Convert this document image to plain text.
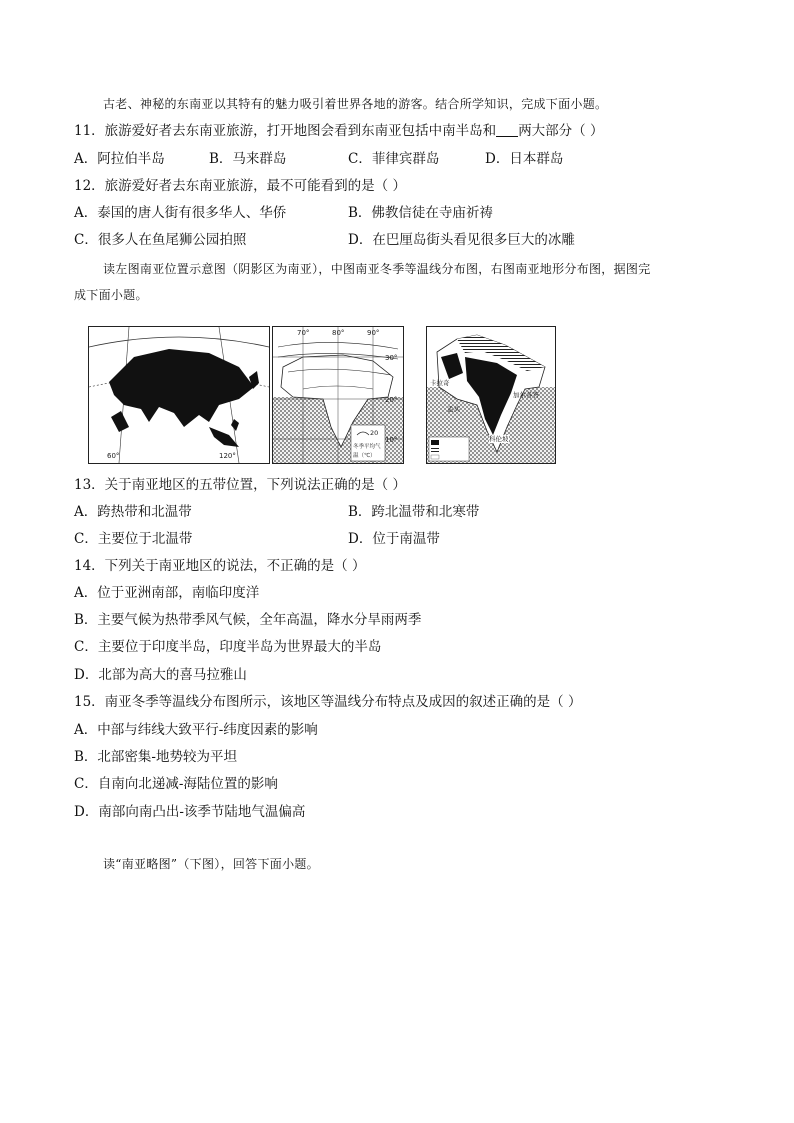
古老、神秘的东南亚以其特有的魅力吸引着世界各地的游客。结合所学知识，完成下面小题。
11．旅游爱好者去东南亚旅游，打开地图会看到东南亚包括中南半岛和 两大部分（ ）
A．阿拉伯半岛	B．马来群岛	C．菲律宾群岛	D．日本群岛
12．旅游爱好者去东南亚旅游，最不可能看到的是（ ）
A．泰国的唐人街有很多华人、华侨	B．佛教信徒在寺庙祈祷
C．很多人在鱼尾狮公园拍照	D．在巴厘岛街头看见很多巨大的冰雕
读左图南亚位置示意图（阴影区为南亚），中图南亚冬季等温线分布图，右图南亚地形分布图，据图完
成下面小题。
60°	120°
70°	80°	90°
30°
20°
10°
20
冬季平均气
温（℃）
卡拉奇
孟买
加尔各答
科伦坡
13．关于南亚地区的五带位置，下列说法正确的是（ ）
A．跨热带和北温带	B．跨北温带和北寒带
C．主要位于北温带	D．位于南温带
14．下列关于南亚地区的说法，不正确的是（ ）
A．位于亚洲南部，南临印度洋
B．主要气候为热带季风气候，全年高温，降水分旱雨两季
C．主要位于印度半岛，印度半岛为世界最大的半岛
D．北部为高大的喜马拉雅山
15．南亚冬季等温线分布图所示，该地区等温线分布特点及成因的叙述正确的是（ ）
A．中部与纬线大致平行-纬度因素的影响
B．北部密集-地势较为平坦
C．自南向北递减-海陆位置的影响
D．南部向南凸出-该季节陆地气温偏高
读“南亚略图”（下图），回答下面小题。
